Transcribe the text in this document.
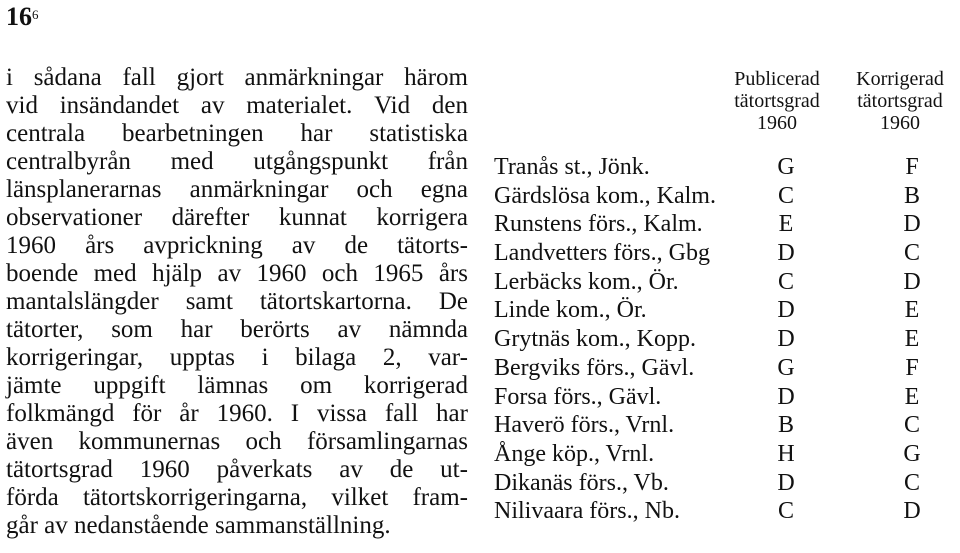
$16^6$
i sådana fall gjort anmärkningar härom
vid insändandet av materialet. Vid den
centrala bearbetningen har statistiska
centralbyrån med utgångspunkt från
länsplanerarnas anmärkningar och egna
observationer därefter kunnat korrigera
1960 års avprickning av de tätorts-
boende med hjälp av 1960 och 1965 års
mantalslängder samt tätortskartorna. De
tätorter, som har berörts av nämnda
korrigeringar, upptas i bilaga 2, var-
jämte uppgift lämnas om korrigerad
folkmängd för år 1960. I vissa fall har
även kommunernas och församlingarnas
tätortsgrad 1960 påverkats av de ut-
förda tätortskorrigeringarna, vilket fram-
går av nedanstående sammanställning.
Publicerad
tätortsgrad
1960
Korrigerad
tätortsgrad
1960
Tranås st., Jönk.	G	F
Gärdslösa kom., Kalm.	C	B
Runstens förs., Kalm.	E	D
Landvetters förs., Gbg	D	C
Lerbäcks kom., Ör.	C	D
Linde kom., Ör.	D	E
Grytnäs kom., Kopp.	D	E
Bergviks förs., Gävl.	G	F
Forsa förs., Gävl.	D	E
Haverö förs., Vrnl.	B	C
Ånge köp., Vrnl.	H	G
Dikanäs förs., Vb.	D	C
Nilivaara förs., Nb.	C	D
